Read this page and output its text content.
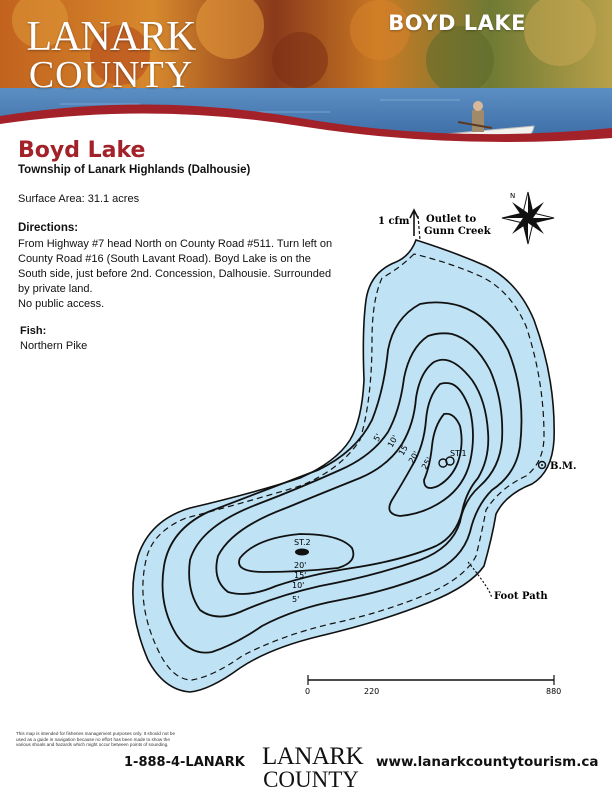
LANARK
COUNTY
BOYD LAKE
Boyd Lake
Township of Lanark Highlands (Dalhousie)
Surface Area: 31.1 acres
Directions:
From Highway #7 head North on County Road #511. Turn left on County Road #16 (South Lavant Road). Boyd Lake is on the South side, just before 2nd. Concession, Dalhousie. Surrounded by private land.
No public access.
Fish:
Northern Pike
ST.1
ST.2
5' 10'
15
20' 25'
20'
15'
10'
5'
1 cfm Outlet to
Gunn Creek
N
B.M.
Foot Path
0	220	880
This map is intended for fisheries management purposes only. It should not be used as a guide in navigation because no effort has been made to show the various shoals and hazards which might occur between points of sounding.
1-888-4-LANARK LANARK
COUNTY
www.lanarkcountytourism.ca
